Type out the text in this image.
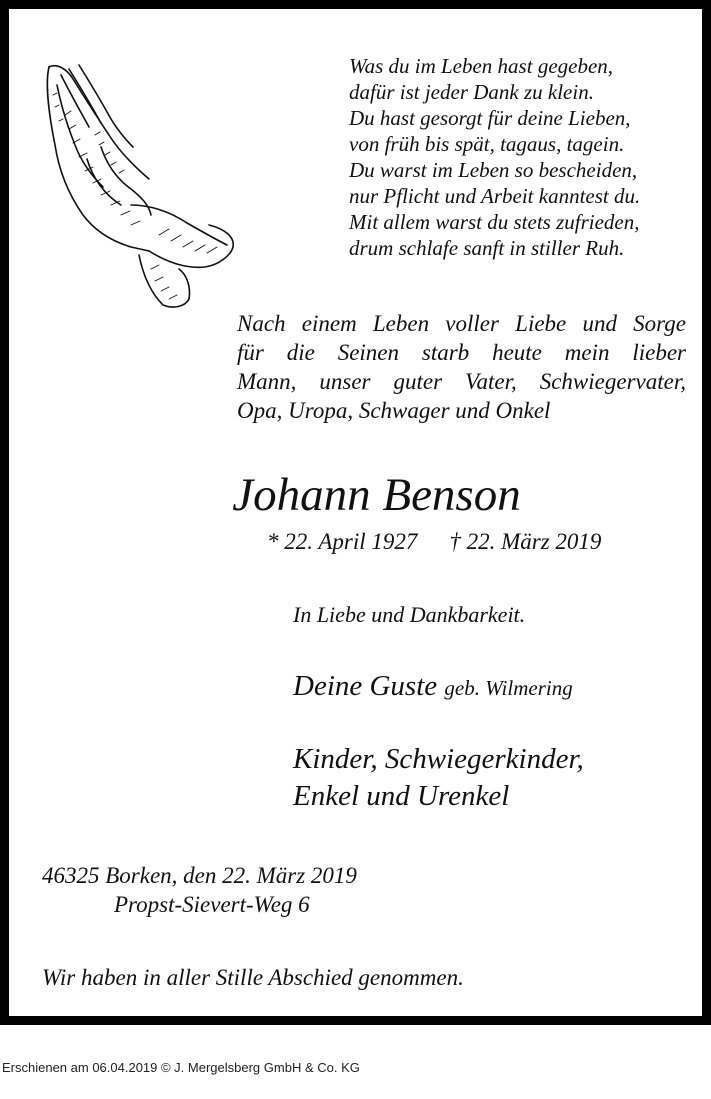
Was du im Leben hast gegeben,
dafür ist jeder Dank zu klein.
Du hast gesorgt für deine Lieben,
von früh bis spät, tagaus, tagein.
Du warst im Leben so bescheiden,
nur Pflicht und Arbeit kanntest du.
Mit allem warst du stets zufrieden,
drum schlafe sanft in stiller Ruh.
Nach einem Leben voller Liebe und Sorge
für die Seinen starb heute mein lieber
Mann, unser guter Vater, Schwiegervater,
Opa, Uropa, Schwager und Onkel
Johann Benson
* 22. April 1927 † 22. März 2019
In Liebe und Dankbarkeit.
Deine Guste geb. Wilmering
Kinder, Schwiegerkinder,
Enkel und Urenkel
46325 Borken, den 22. März 2019
Propst-Sievert-Weg 6
Wir haben in aller Stille Abschied genommen.
Erschienen am 06.04.2019 © J. Mergelsberg GmbH & Co. KG
